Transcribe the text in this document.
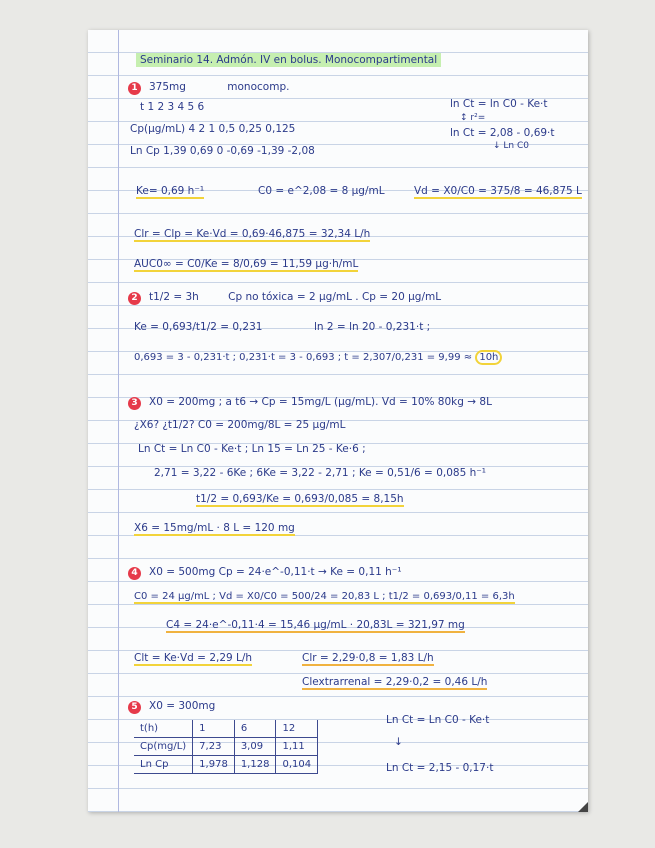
Seminario 14. Admón. IV en bolus. Monocompartimental
1 375mg	monocomp.
t 1 2 3 4 5 6
Cp(μg/mL) 4 2 1 0,5 0,25 0,125
Ln Cp 1,39 0,69 0 -0,69 -1,39 -2,08
ln Ct = ln C0 - Ke·t
↕ r²=
ln Ct = 2,08 - 0,69·t
↓ Ln C0
Ke= 0,69 h⁻¹	C0 = e^2,08 = 8 μg/mL	Vd = X0/C0 = 375/8 = 46,875 L
Clr = Clp = Ke·Vd = 0,69·46,875 = 32,34 L/h
AUC0∞ = C0/Ke = 8/0,69 = 11,59 μg·h/mL
2 t1/2 = 3h	Cp no tóxica = 2 μg/mL . Cp = 20 μg/mL
Ke = 0,693/t1/2 = 0,231	ln 2 = ln 20 - 0,231·t ;
0,693 = 3 - 0,231·t ; 0,231·t = 3 - 0,693 ; t = 2,307/0,231 = 9,99 ≈ 10h
3 X0 = 200mg ; a t6 → Cp = 15mg/L (μg/mL). Vd = 10% 80kg → 8L
¿X6? ¿t1/2? C0 = 200mg/8L = 25 μg/mL
Ln Ct = Ln C0 - Ke·t ; Ln 15 = Ln 25 - Ke·6 ;
2,71 = 3,22 - 6Ke ; 6Ke = 3,22 - 2,71 ; Ke = 0,51/6 = 0,085 h⁻¹
t1/2 = 0,693/Ke = 0,693/0,085 = 8,15h
X6 = 15mg/mL · 8 L = 120 mg
4 X0 = 500mg Cp = 24·e^-0,11·t → Ke = 0,11 h⁻¹
C0 = 24 μg/mL ; Vd = X0/C0 = 500/24 = 20,83 L ; t1/2 = 0,693/0,11 = 6,3h
C4 = 24·e^-0,11·4 = 15,46 μg/mL · 20,83L = 321,97 mg
Clt = Ke·Vd = 2,29 L/h	Clr = 2,29·0,8 = 1,83 L/h
Clextrarrenal = 2,29·0,2 = 0,46 L/h
5 X0 = 300mg
t(h)	1	6	12
Cp(mg/L)	7,23	3,09	1,11
Ln Cp	1,978	1,128	0,104
Ln Ct = Ln C0 - Ke·t
↓
Ln Ct = 2,15 - 0,17·t
